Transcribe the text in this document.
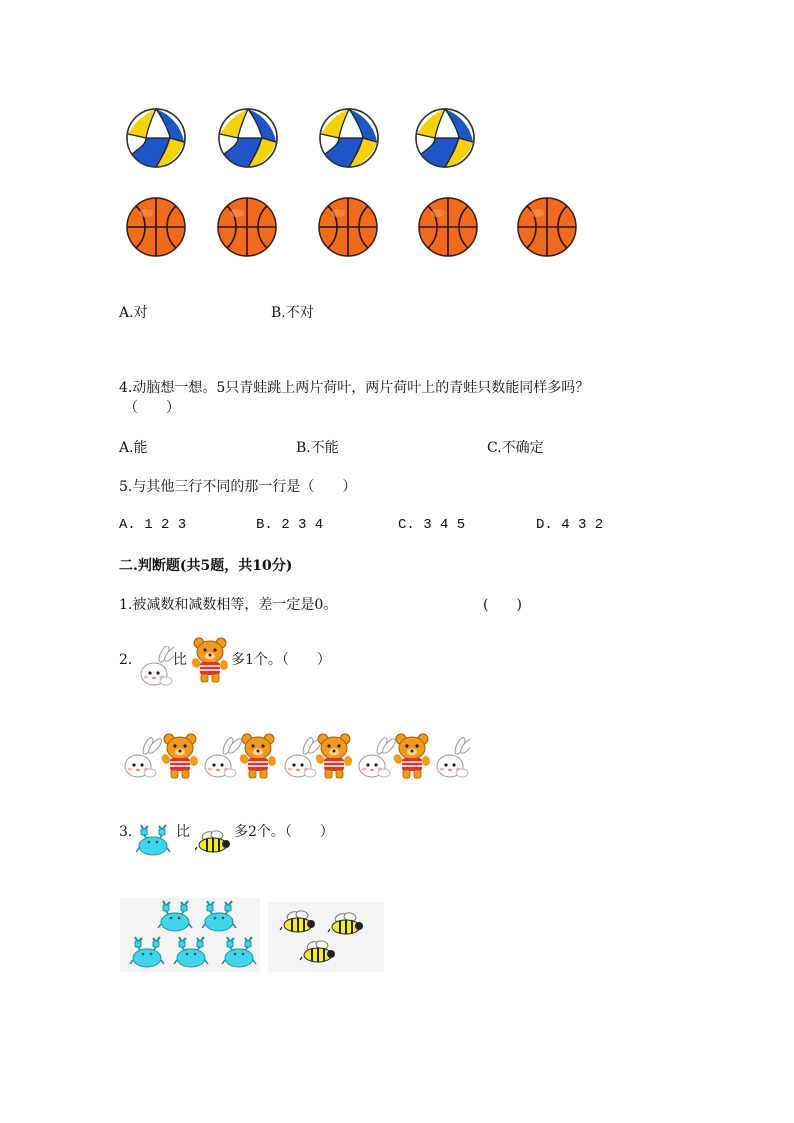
A.对	B.不对
4.动脑想一想。5只青蛙跳上两片荷叶，两片荷叶上的青蛙只数能同样多吗？
（　　）
A.能	B.不能	C.不确定
5.与其他三行不同的那一行是（　　）
A. 1 2 3	B. 2 3 4	C. 3 4 5	D. 4 3 2
二.判断题(共5题，共10分)
1.被减数和减数相等，差一定是0。	(　　)
2.	比	多1个。（　　）
3.	比	多2个。（　　）
